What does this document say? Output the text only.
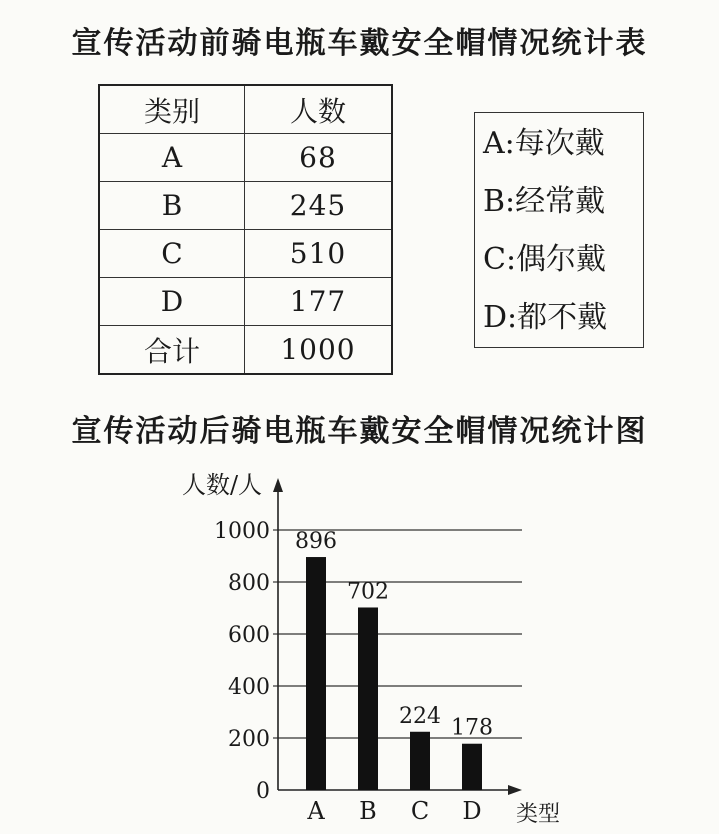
宣传活动前骑电瓶车戴安全帽情况统计表
类别	人数
A	68
B	245
C	510
D	177
合计	1000
A:每次戴
B:经常戴
C:偶尔戴
D:都不戴
宣传活动后骑电瓶车戴安全帽情况统计图
0
200
400
600
800
1000
人数/人
类型
896
A
702
B
224
C
178
D
